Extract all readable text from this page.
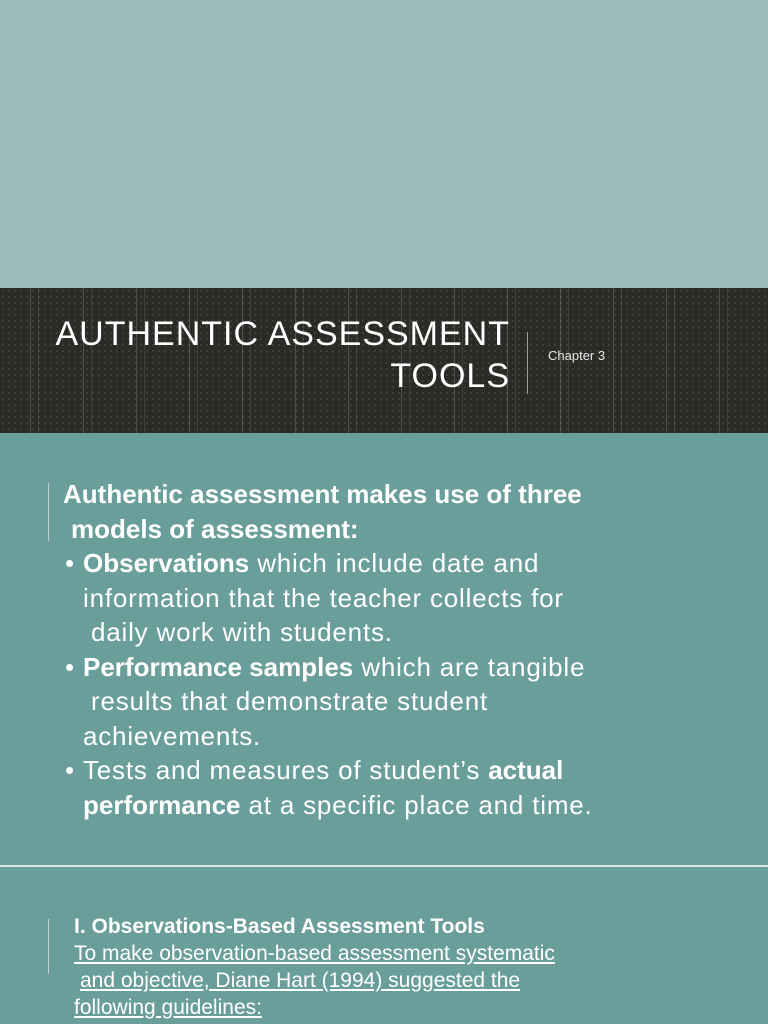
AUTHENTIC ASSESSMENT
TOOLS
Chapter 3
Authentic assessment makes use of three
models of assessment:
• Observations which include date and
information that the teacher collects for
daily work with students.
• Performance samples which are tangible
results that demonstrate student
achievements.
• Tests and measures of student’s actual
performance at a specific place and time.
I. Observations-Based Assessment Tools
To make observation-based assessment systematic
and objective, Diane Hart (1994) suggested the
following guidelines:
